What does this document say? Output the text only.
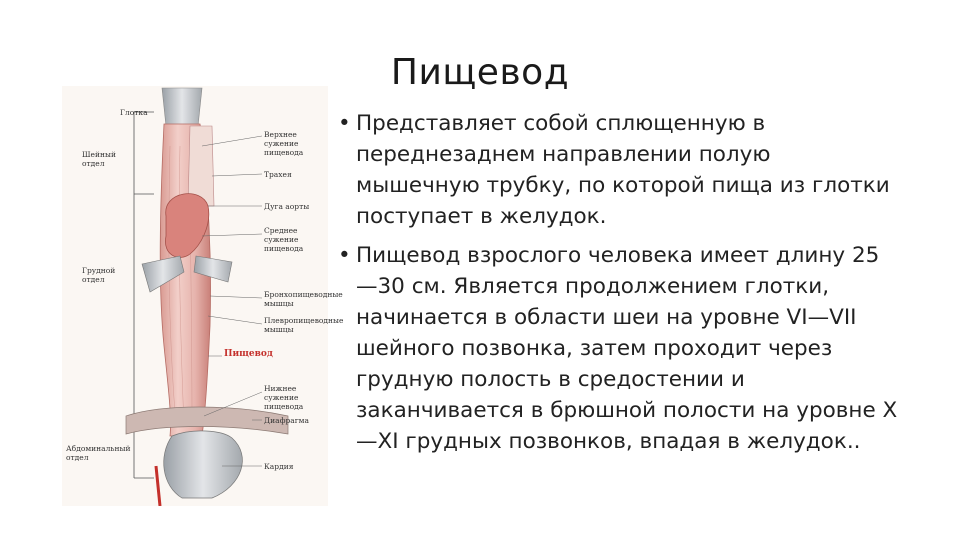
Пищевод
Глотка
Шейный отдел
Грудной отдел
Абдоминальный отдел
Верхнее сужение пищевода
Трахея
Дуга аорты
Среднее сужение пищевода
Бронхопищеводные мышцы
Плевропищеводные мышцы
Пищевод
Нижнее сужение пищевода
Диафрагма
Кардия
• Представляет собой сплющенную в переднезаднем направлении полую мышечную трубку, по которой пища из глотки поступает в желудок.
• Пищевод взрослого человека имеет длину 25—30 см. Является продолжением глотки, начинается в области шеи на уровне VI—VII шейного позвонка, затем проходит через грудную полость в средостении и заканчивается в брюшной полости на уровне X—XI грудных позвонков, впадая в желудок..
